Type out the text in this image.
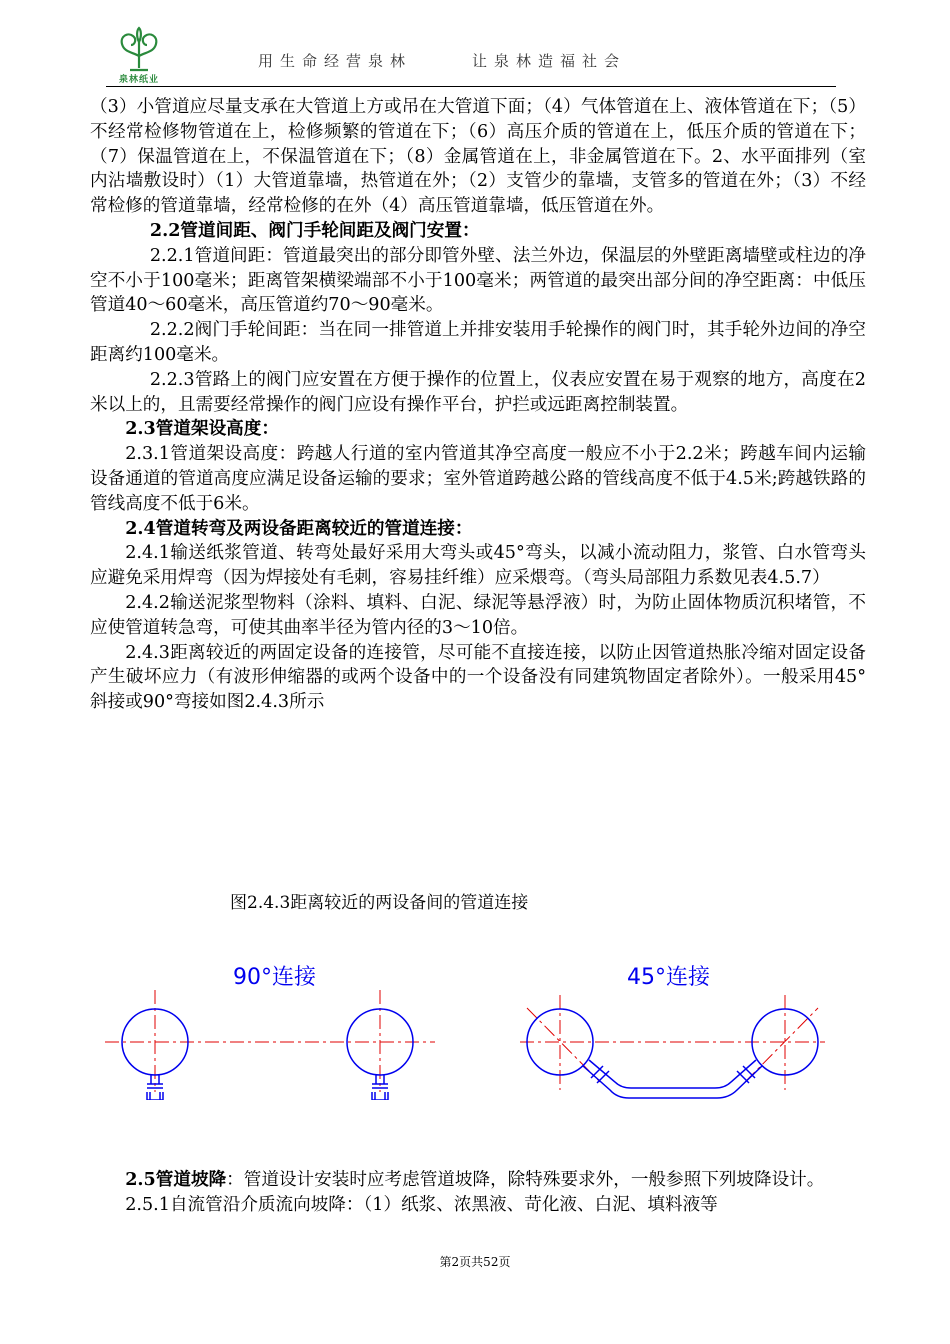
泉林纸业
用生命经营泉林	让泉林造福社会

（3）小管道应尽量支承在大管道上方或吊在大管道下面；（4）气体管道在上、液体管道在下；（5）不经常检修物管道在上，检修频繁的管道在下；（6）高压介质的管道在上，低压介质的管道在下；（7）保温管道在上，不保温管道在下；（8）金属管道在上，非金属管道在下。2、水平面排列（室内沾墙敷设时）（1）大管道靠墙，热管道在外；（2）支管少的靠墙，支管多的管道在外；（3）不经常检修的管道靠墙，经常检修的在外（4）高压管道靠墙，低压管道在外。

2.2管道间距、阀门手轮间距及阀门安置：

2.2.1管道间距：管道最突出的部分即管外壁、法兰外边，保温层的外壁距离墙壁或柱边的净空不小于100毫米；距离管架横梁端部不小于100毫米；两管道的最突出部分间的净空距离：中低压管道40～60毫米，高压管道约70～90毫米。

2.2.2阀门手轮间距：当在同一排管道上并排安装用手轮操作的阀门时，其手轮外边间的净空距离约100毫米。

2.2.3管路上的阀门应安置在方便于操作的位置上，仪表应安置在易于观察的地方，高度在2米以上的，且需要经常操作的阀门应设有操作平台，护拦或远距离控制装置。

2.3管道架设高度：

2.3.1管道架设高度：跨越人行道的室内管道其净空高度一般应不小于2.2米；跨越车间内运输设备通道的管道高度应满足设备运输的要求；室外管道跨越公路的管线高度不低于4.5米;跨越铁路的管线高度不低于6米。

2.4管道转弯及两设备距离较近的管道连接：

2.4.1输送纸浆管道、转弯处最好采用大弯头或45°弯头，以减小流动阻力，浆管、白水管弯头应避免采用焊弯（因为焊接处有毛刺，容易挂纤维）应采煨弯。（弯头局部阻力系数见表4.5.7）

2.4.2输送泥浆型物料（涂料、填料、白泥、绿泥等悬浮液）时，为防止固体物质沉积堵管，不应使管道转急弯，可使其曲率半径为管内径的3～10倍。

2.4.3距离较近的两固定设备的连接管，尽可能不直接连接，以防止因管道热胀冷缩对固定设备产生破坏应力（有波形伸缩器的或两个设备中的一个设备没有同建筑物固定者除外）。一般采用45°斜接或90°弯接如图2.4.3所示

图2.4.3距离较近的两设备间的管道连接
90°连接	45°连接

2.5管道坡降：管道设计安装时应考虑管道坡降，除特殊要求外，一般参照下列坡降设计。

2.5.1自流管沿介质流向坡降：（1）纸浆、浓黑液、苛化液、白泥、填料液等

第2页共52页
